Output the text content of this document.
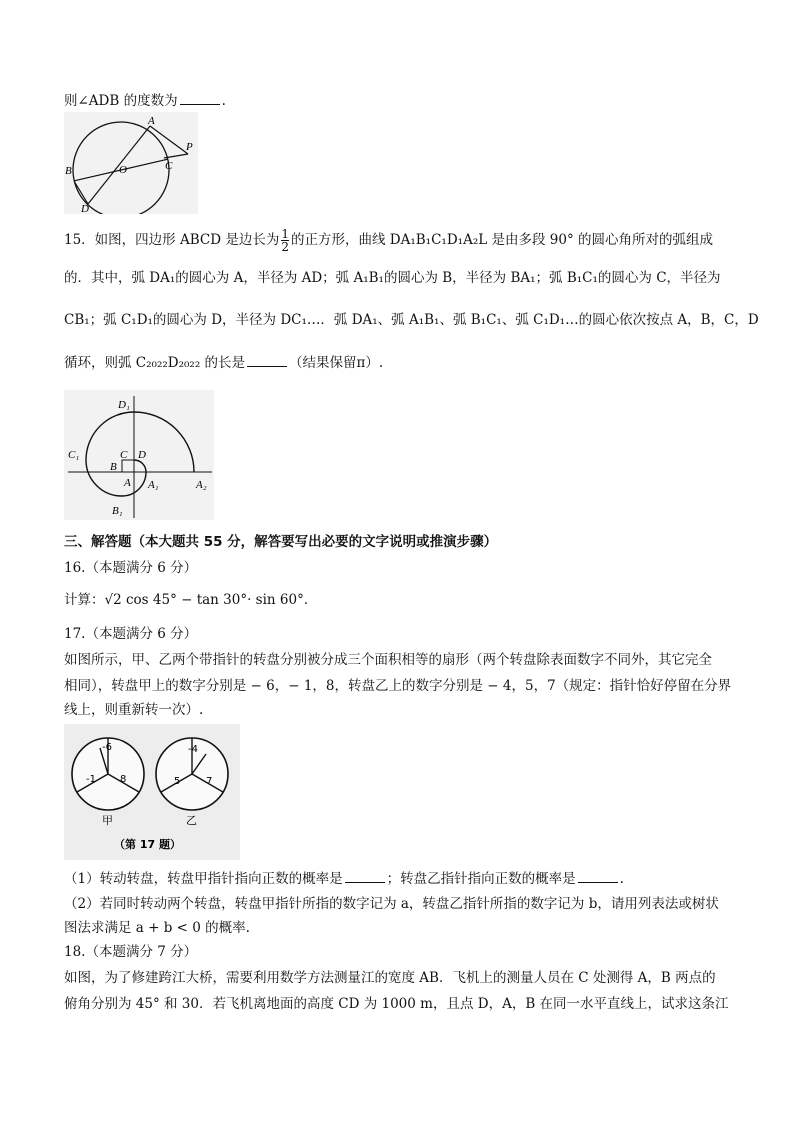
则∠ADB 的度数为	.
A
B	O	C
P
D
15．如图，四边形 ABCD 是边长为 $\frac{1}{2}$ 的正方形，曲线 DA₁B₁C₁D₁A₂L 是由多段 90° 的圆心角所对的弧组成
的．其中，弧 DA₁的圆心为 A，半径为 AD；弧 A₁B₁的圆心为 B，半径为 BA₁；弧 B₁C₁的圆心为 C，半径为
CB₁；弧 C₁D₁的圆心为 D，半径为 DC₁…．弧 DA₁、弧 A₁B₁、弧 B₁C₁、弧 C₁D₁…的圆心依次按点 A，B，C，D
循环，则弧 C₂₀₂₂D₂₀₂₂ 的长是	（结果保留π）.
D₁
C₁	C D
B
A A₁	A₂
B₁
三、解答题（本大题共 55 分，解答要写出必要的文字说明或推演步骤）
16.（本题满分 6 分）
计算：√2 cos 45° − tan 30°· sin 60°．
17.（本题满分 6 分）
如图所示，甲、乙两个带指针的转盘分别被分成三个面积相等的扇形（两个转盘除表面数字不同外，其它完全
相同），转盘甲上的数字分别是 − 6，− 1，8，转盘乙上的数字分别是 − 4，5，7（规定：指针恰好停留在分界
线上，则重新转一次）.
-6
-1 8
甲
-4
5	7
乙
（第 17 题）
（1）转动转盘，转盘甲指针指向正数的概率是	；转盘乙指针指向正数的概率是	.
（2）若同时转动两个转盘，转盘甲指针所指的数字记为 a，转盘乙指针所指的数字记为 b，请用列表法或树状
图法求满足 a + b < 0 的概率.
18.（本题满分 7 分）
如图，为了修建跨江大桥，需要利用数学方法测量江的宽度 AB．飞机上的测量人员在 C 处测得 A，B 两点的
俯角分别为 45° 和 30．若飞机离地面的高度 CD 为 1000 m，且点 D，A，B 在同一水平直线上，试求这条江
